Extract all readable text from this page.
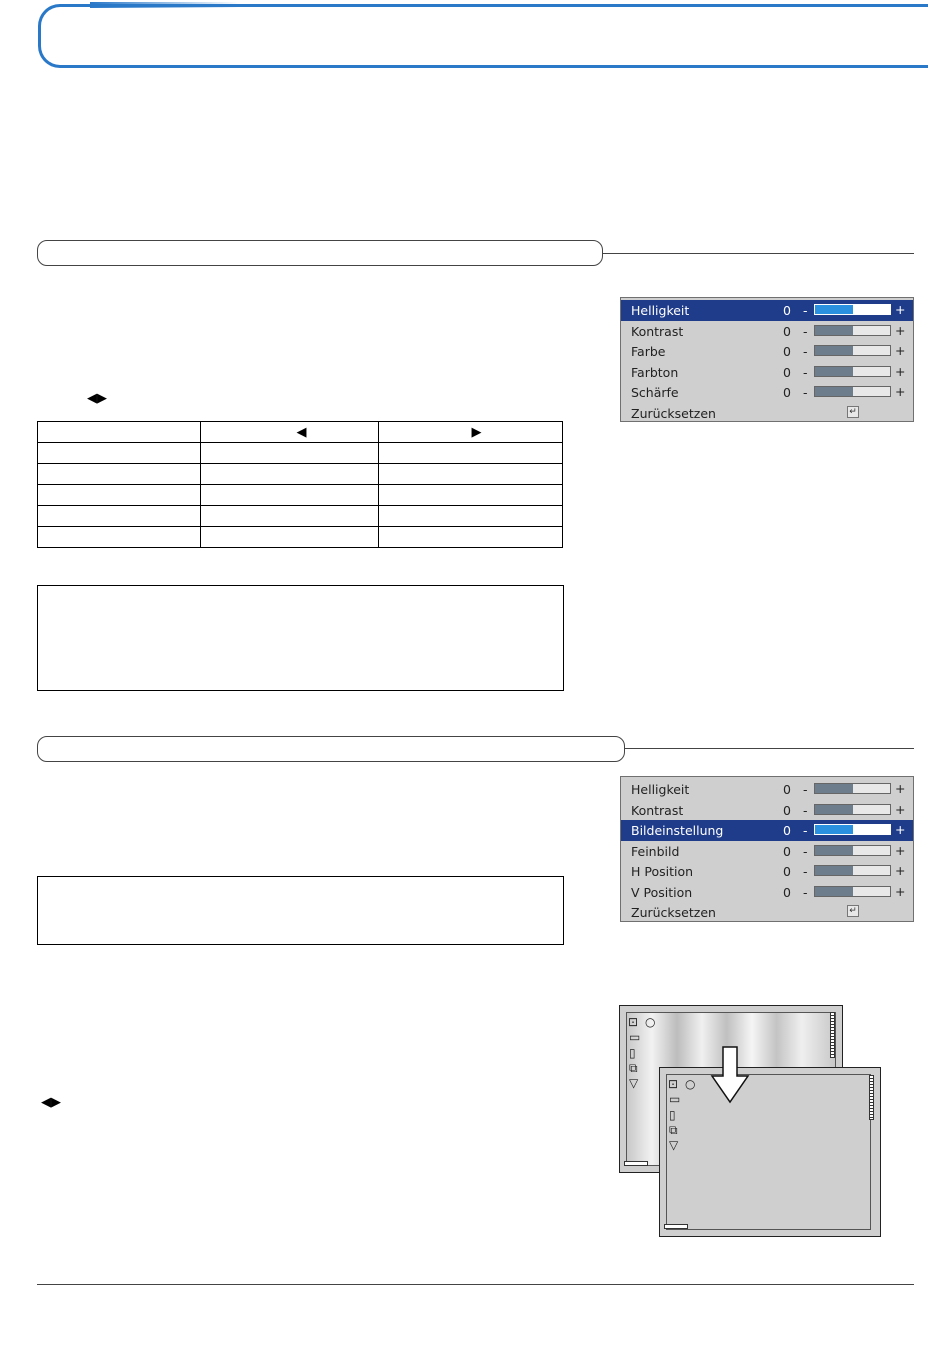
◀▶
	◀	▶

Helligkeit	0 -	+
Kontrast	0 -	+
Farbe	0 -	+
Farbton	0 -	+
Schärfe	0 -	+
Zurücksetzen	↵
Helligkeit	0 -	+
Kontrast	0 -	+
Bildeinstellung	0 -	+
Feinbild	0 -	+
H Position	0 -	+
V Position	0 -	+
Zurücksetzen	↵
◀▶
⊡ ○
▭
▯
⧉
▽ ⊡ ○
▭
▯
⧉
▽
